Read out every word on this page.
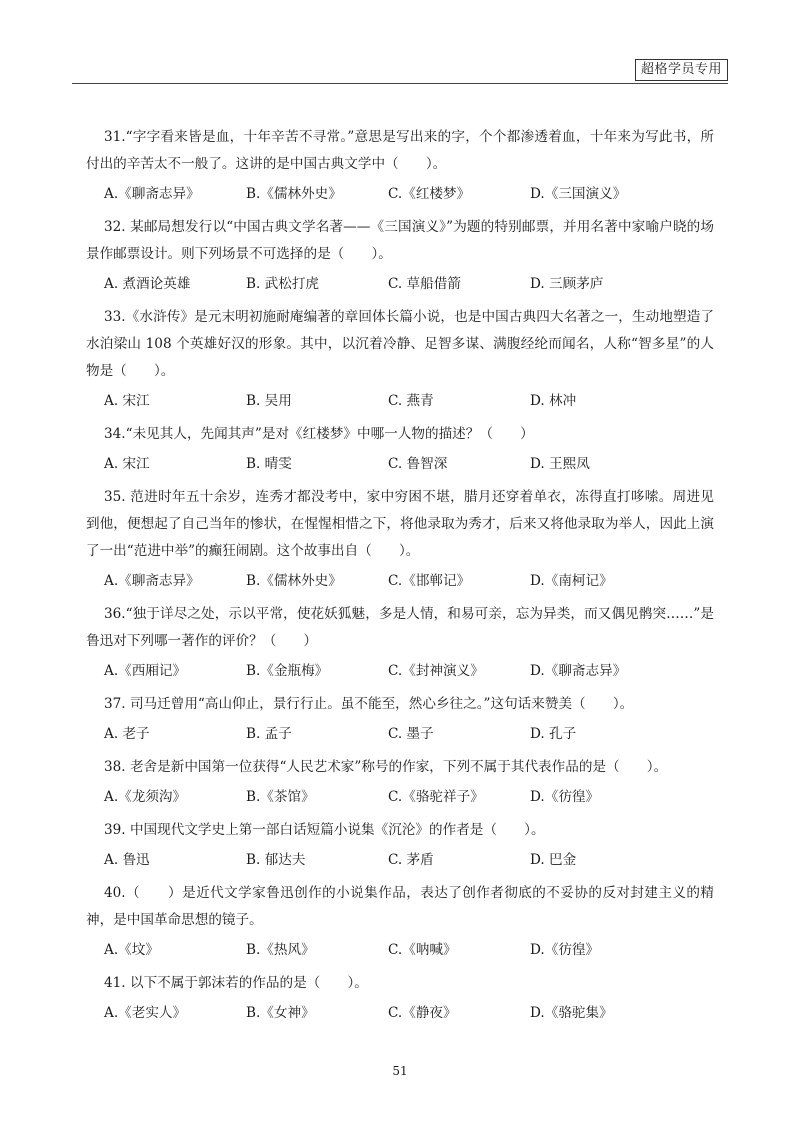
超格学员专用

31.“字字看来皆是血，十年辛苦不寻常。”意思是写出来的字，个个都渗透着血，十年来为写此书，所付出的辛苦太不一般了。这讲的是中国古典文学中（　　）。

A.《聊斋志异》	B.《儒林外史》	C.《红楼梦》	D.《三国演义》

32. 某邮局想发行以“中国古典文学名著——《三国演义》”为题的特别邮票，并用名著中家喻户晓的场景作邮票设计。则下列场景不可选择的是（　　）。

A. 煮酒论英雄	B. 武松打虎	C. 草船借箭	D. 三顾茅庐

33.《水浒传》是元末明初施耐庵编著的章回体长篇小说，也是中国古典四大名著之一，生动地塑造了水泊梁山 108 个英雄好汉的形象。其中，以沉着冷静、足智多谋、满腹经纶而闻名，人称“智多星”的人物是（　　）。

A. 宋江	B. 吴用	C. 燕青	D. 林冲

34.“未见其人，先闻其声”是对《红楼梦》中哪一人物的描述？（　　）

A. 宋江	B. 晴雯	C. 鲁智深	D. 王熙凤

35. 范进时年五十余岁，连秀才都没考中，家中穷困不堪，腊月还穿着单衣，冻得直打哆嗦。周进见到他，便想起了自己当年的惨状，在惺惺相惜之下，将他录取为秀才，后来又将他录取为举人，因此上演了一出“范进中举”的癫狂闹剧。这个故事出自（　　）。

A.《聊斋志异》	B.《儒林外史》	C.《邯郸记》	D.《南柯记》

36.“独于详尽之处，示以平常，使花妖狐魅，多是人情，和易可亲，忘为异类，而又偶见鹘突……”是鲁迅对下列哪一著作的评价？（　　）

A.《西厢记》	B.《金瓶梅》	C.《封神演义》	D.《聊斋志异》

37. 司马迁曾用“高山仰止，景行行止。虽不能至，然心乡往之。”这句话来赞美（　　）。

A. 老子	B. 孟子	C. 墨子	D. 孔子

38. 老舍是新中国第一位获得“人民艺术家”称号的作家，下列不属于其代表作品的是（　　）。

A.《龙须沟》	B.《茶馆》	C.《骆驼祥子》	D.《彷徨》

39. 中国现代文学史上第一部白话短篇小说集《沉沦》的作者是（　　）。

A. 鲁迅	B. 郁达夫	C. 茅盾	D. 巴金

40.（　　）是近代文学家鲁迅创作的小说集作品，表达了创作者彻底的不妥协的反对封建主义的精神，是中国革命思想的镜子。

A.《坟》	B.《热风》	C.《呐喊》	D.《彷徨》

41. 以下不属于郭沫若的作品的是（　　）。

A.《老实人》	B.《女神》	C.《静夜》	D.《骆驼集》
51
